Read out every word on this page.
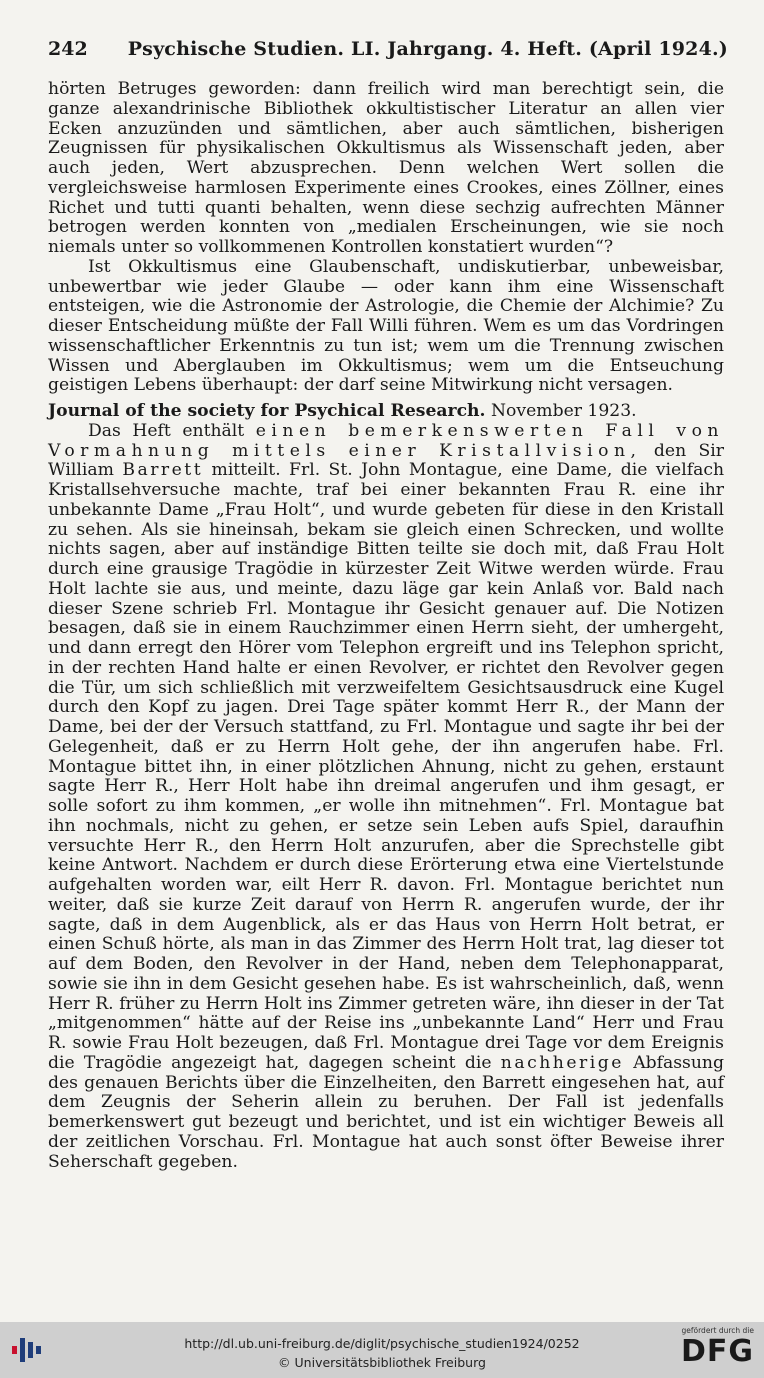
242 Psychische Studien. LI. Jahrgang. 4. Heft. (April 1924.)

hörten Betruges geworden: dann freilich wird man berechtigt sein, die ganze alexandrinische Bibliothek okkultistischer Literatur an allen vier Ecken anzuzünden und sämtlichen, aber auch sämtlichen, bisherigen Zeugnissen für physikalischen Okkultismus als Wissenschaft jeden, aber auch jeden, Wert abzusprechen. Denn welchen Wert sollen die vergleichsweise harmlosen Experimente eines Crookes, eines Zöllner, eines Richet und tutti quanti behalten, wenn diese sechzig aufrechten Männer betrogen werden konnten von „medialen Erscheinungen, wie sie noch niemals unter so vollkommenen Kontrollen konstatiert wurden“?

Ist Okkultismus eine Glaubenschaft, undiskutierbar, unbeweisbar, unbewertbar wie jeder Glaube — oder kann ihm eine Wissenschaft entsteigen, wie die Astronomie der Astrologie, die Chemie der Alchimie? Zu dieser Entscheidung müßte der Fall Willi führen. Wem es um das Vordringen wissenschaftlicher Erkenntnis zu tun ist; wem um die Trennung zwischen Wissen und Aberglauben im Okkultismus; wem um die Entseuchung geistigen Lebens überhaupt: der darf seine Mitwirkung nicht versagen.

Journal of the society for Psychical Research. November 1923.

Das Heft enthält einen bemerkenswerten Fall von Vormahnung mittels einer Kristallvision, den Sir William Barrett mitteilt. Frl. St. John Montague, eine Dame, die vielfach Kristallsehversuche machte, traf bei einer bekannten Frau R. eine ihr unbekannte Dame „Frau Holt“, und wurde gebeten für diese in den Kristall zu sehen. Als sie hineinsah, bekam sie gleich einen Schrecken, und wollte nichts sagen, aber auf inständige Bitten teilte sie doch mit, daß Frau Holt durch eine grausige Tragödie in kürzester Zeit Witwe werden würde. Frau Holt lachte sie aus, und meinte, dazu läge gar kein Anlaß vor. Bald nach dieser Szene schrieb Frl. Montague ihr Gesicht genauer auf. Die Notizen besagen, daß sie in einem Rauchzimmer einen Herrn sieht, der umhergeht, und dann erregt den Hörer vom Telephon ergreift und ins Telephon spricht, in der rechten Hand halte er einen Revolver, er richtet den Revolver gegen die Tür, um sich schließlich mit verzweifeltem Gesichtsausdruck eine Kugel durch den Kopf zu jagen. Drei Tage später kommt Herr R., der Mann der Dame, bei der der Versuch stattfand, zu Frl. Montague und sagte ihr bei der Gelegenheit, daß er zu Herrn Holt gehe, der ihn angerufen habe. Frl. Montague bittet ihn, in einer plötzlichen Ahnung, nicht zu gehen, erstaunt sagte Herr R., Herr Holt habe ihn dreimal angerufen und ihm gesagt, er solle sofort zu ihm kommen, „er wolle ihn mitnehmen“. Frl. Montague bat ihn nochmals, nicht zu gehen, er setze sein Leben aufs Spiel, daraufhin versuchte Herr R., den Herrn Holt anzurufen, aber die Sprechstelle gibt keine Antwort. Nachdem er durch diese Erörterung etwa eine Viertelstunde aufgehalten worden war, eilt Herr R. davon. Frl. Montague berichtet nun weiter, daß sie kurze Zeit darauf von Herrn R. angerufen wurde, der ihr sagte, daß in dem Augenblick, als er das Haus von Herrn Holt betrat, er einen Schuß hörte, als man in das Zimmer des Herrn Holt trat, lag dieser tot auf dem Boden, den Revolver in der Hand, neben dem Telephonapparat, sowie sie ihn in dem Gesicht gesehen habe. Es ist wahrscheinlich, daß, wenn Herr R. früher zu Herrn Holt ins Zimmer getreten wäre, ihn dieser in der Tat „mitgenommen“ hätte auf der Reise ins „unbekannte Land“ Herr und Frau R. sowie Frau Holt bezeugen, daß Frl. Montague drei Tage vor dem Ereignis die Tragödie angezeigt hat, dagegen scheint die nachherige Abfassung des genauen Berichts über die Einzelheiten, den Barrett eingesehen hat, auf dem Zeugnis der Seherin allein zu beruhen. Der Fall ist jedenfalls bemerkenswert gut bezeugt und berichtet, und ist ein wichtiger Beweis all der zeitlichen Vorschau. Frl. Montague hat auch sonst öfter Beweise ihrer Seherschaft gegeben.

http://dl.ub.uni-freiburg.de/diglit/psychische_studien1924/0252
© Universitätsbibliothek Freiburg
gefördert durch die
DFG
